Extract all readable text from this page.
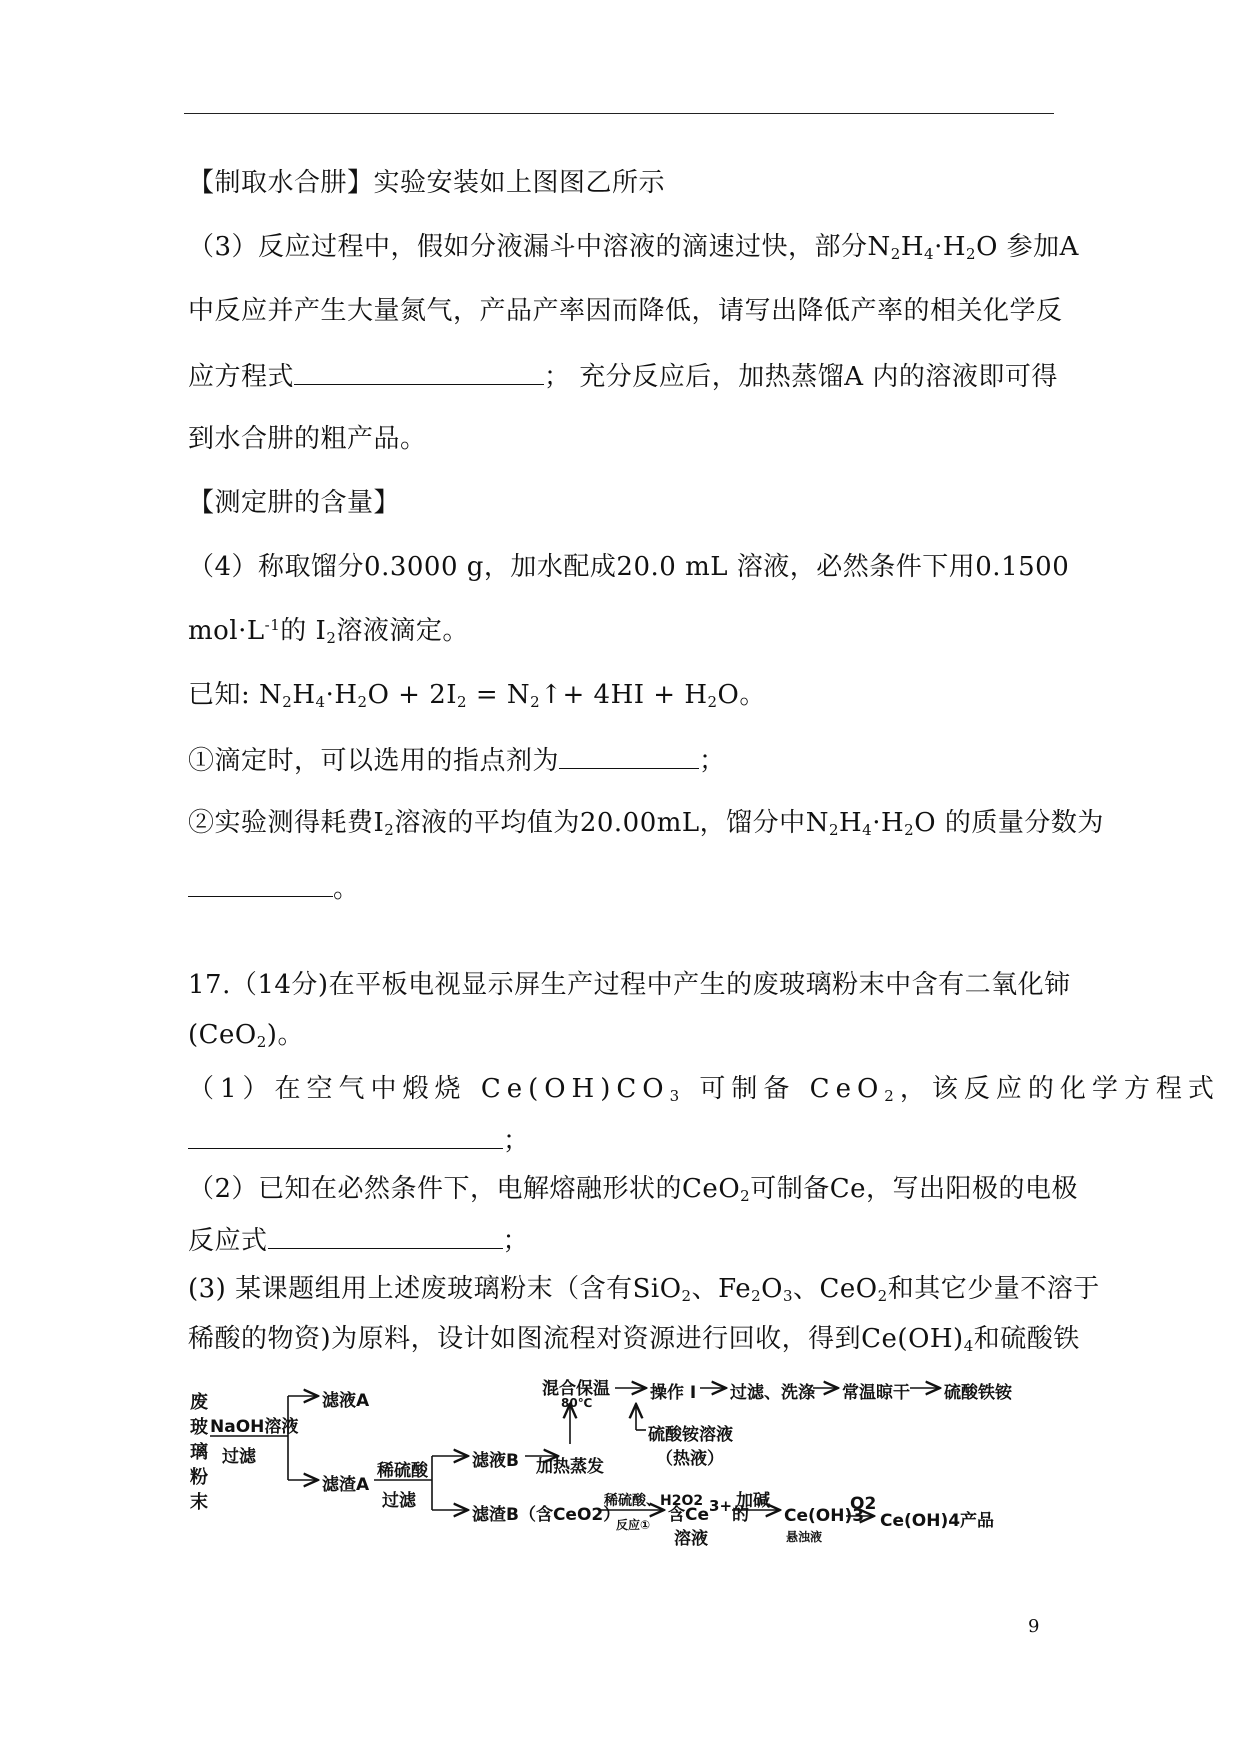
【制取水合肼】实验安装如上图图乙所示
（3）反应过程中，假如分液漏斗中溶液的滴速过快，部分$N_2H_4\cdot H_2O$ 参加A
中反应并产生大量氮气，产品产率因而降低，请写出降低产率的相关化学反
应方程式	； 充分反应后，加热蒸馏A 内的溶液即可得
到水合肼的粗产品。
【测定肼的含量】
（4）称取馏分0.3000 g，加水配成20.0 mL 溶液，必然条件下用0.1500
$mol\cdot L^{-1}$的 $I_2$溶液滴定。
已知: $N_2H_4\cdot H_2O + 2I_2$ = $N_2↑+ 4HI + H_2O$。
①滴定时，可以选用的指点剂为	；
②实验测得耗费$I_2$溶液的平均值为20.00mL，馏分中$N_2H_4\cdot H_2O$ 的质量分数为
。
17.（14分)在平板电视显示屏生产过程中产生的废玻璃粉末中含有二氧化铈
(CeO$_2$)。
（1）在空气中煅烧 $Ce(OH)CO_3$ 可制备 CeO$_2$，该反应的化学方程式
；
（2）已知在必然条件下，电解熔融形状的CeO$_2$可制备Ce，写出阳极的电极
反应式	；
(3) 某课题组用上述废玻璃粉末（含有SiO$_2$、$Fe_2O_3$、CeO$_2$和其它少量不溶于
稀酸的物资)为原料，设计如图流程对资源进行回收，得到$Ce(OH)_4$和硫酸铁
废
玻
璃
粉
末
NaOH溶液
过滤
滤液A
滤渣A
稀硫酸
过滤
滤液B 加热蒸发
混合保温
80℃	操作 I 过滤、洗涤 常温晾干 硫酸铁铵
硫酸铵溶液
（热液）
滤渣B（含CeO2）
稀硫酸、H2O2
反应① 含$Ce^{3+}$的
溶液
加碱
Ce(OH)3
悬浊液
O2
Ce(OH)4产品
9
